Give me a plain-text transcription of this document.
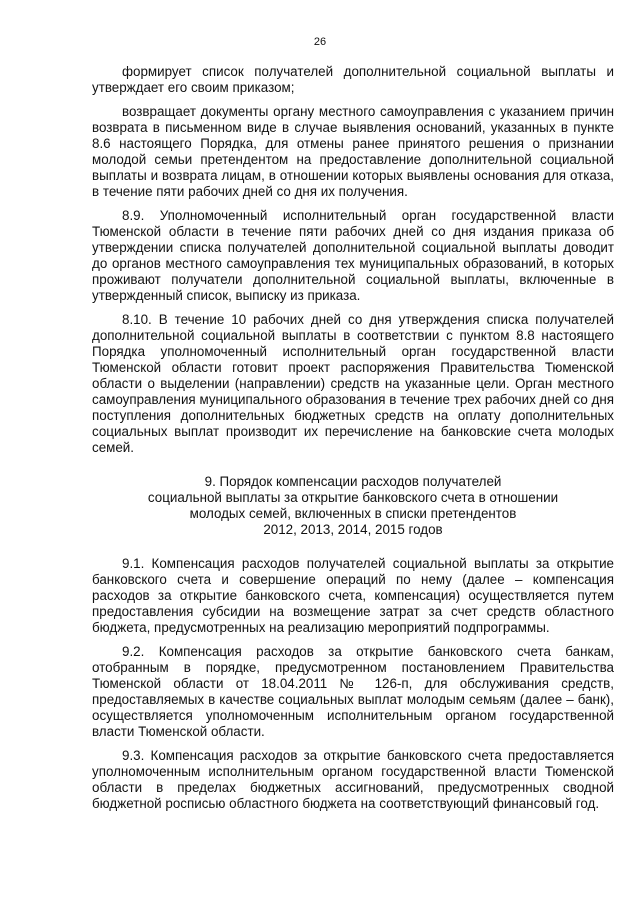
26

формирует список получателей дополнительной социальной выплаты и утверждает его своим приказом;

возвращает документы органу местного самоуправления с указанием причин возврата в письменном виде в случае выявления оснований, указанных в пункте 8.6 настоящего Порядка, для отмены ранее принятого решения о признании молодой семьи претендентом на предоставление дополнительной социальной выплаты и возврата лицам, в отношении которых выявлены основания для отказа, в течение пяти рабочих дней со дня их получения.

8.9. Уполномоченный исполнительный орган государственной власти Тюменской области в течение пяти рабочих дней со дня издания приказа об утверждении списка получателей дополнительной социальной выплаты доводит до органов местного самоуправления тех муниципальных образований, в которых проживают получатели дополнительной социальной выплаты, включенные в утвержденный список, выписку из приказа.

8.10. В течение 10 рабочих дней со дня утверждения списка получателей дополнительной социальной выплаты в соответствии с пунктом 8.8 настоящего Порядка уполномоченный исполнительный орган государственной власти Тюменской области готовит проект распоряжения Правительства Тюменской области о выделении (направлении) средств на указанные цели. Орган местного самоуправления муниципального образования в течение трех рабочих дней со дня поступления дополнительных бюджетных средств на оплату дополнительных социальных выплат производит их перечисление на банковские счета молодых семей.

9. Порядок компенсации расходов получателей
социальной выплаты за открытие банковского счета в отношении
молодых семей, включенных в списки претендентов
2012, 2013, 2014, 2015 годов

9.1. Компенсация расходов получателей социальной выплаты за открытие банковского счета и совершение операций по нему (далее – компенсация расходов за открытие банковского счета, компенсация) осуществляется путем предоставления субсидии на возмещение затрат за счет средств областного бюджета, предусмотренных на реализацию мероприятий подпрограммы.

9.2. Компенсация расходов за открытие банковского счета банкам, отобранным в порядке, предусмотренном постановлением Правительства Тюменской области от 18.04.2011 № 126-п, для обслуживания средств, предоставляемых в качестве социальных выплат молодым семьям (далее – банк), осуществляется уполномоченным исполнительным органом государственной власти Тюменской области.

9.3. Компенсация расходов за открытие банковского счета предоставляется уполномоченным исполнительным органом государственной власти Тюменской области в пределах бюджетных ассигнований, предусмотренных сводной бюджетной росписью областного бюджета на соответствующий финансовый год.
